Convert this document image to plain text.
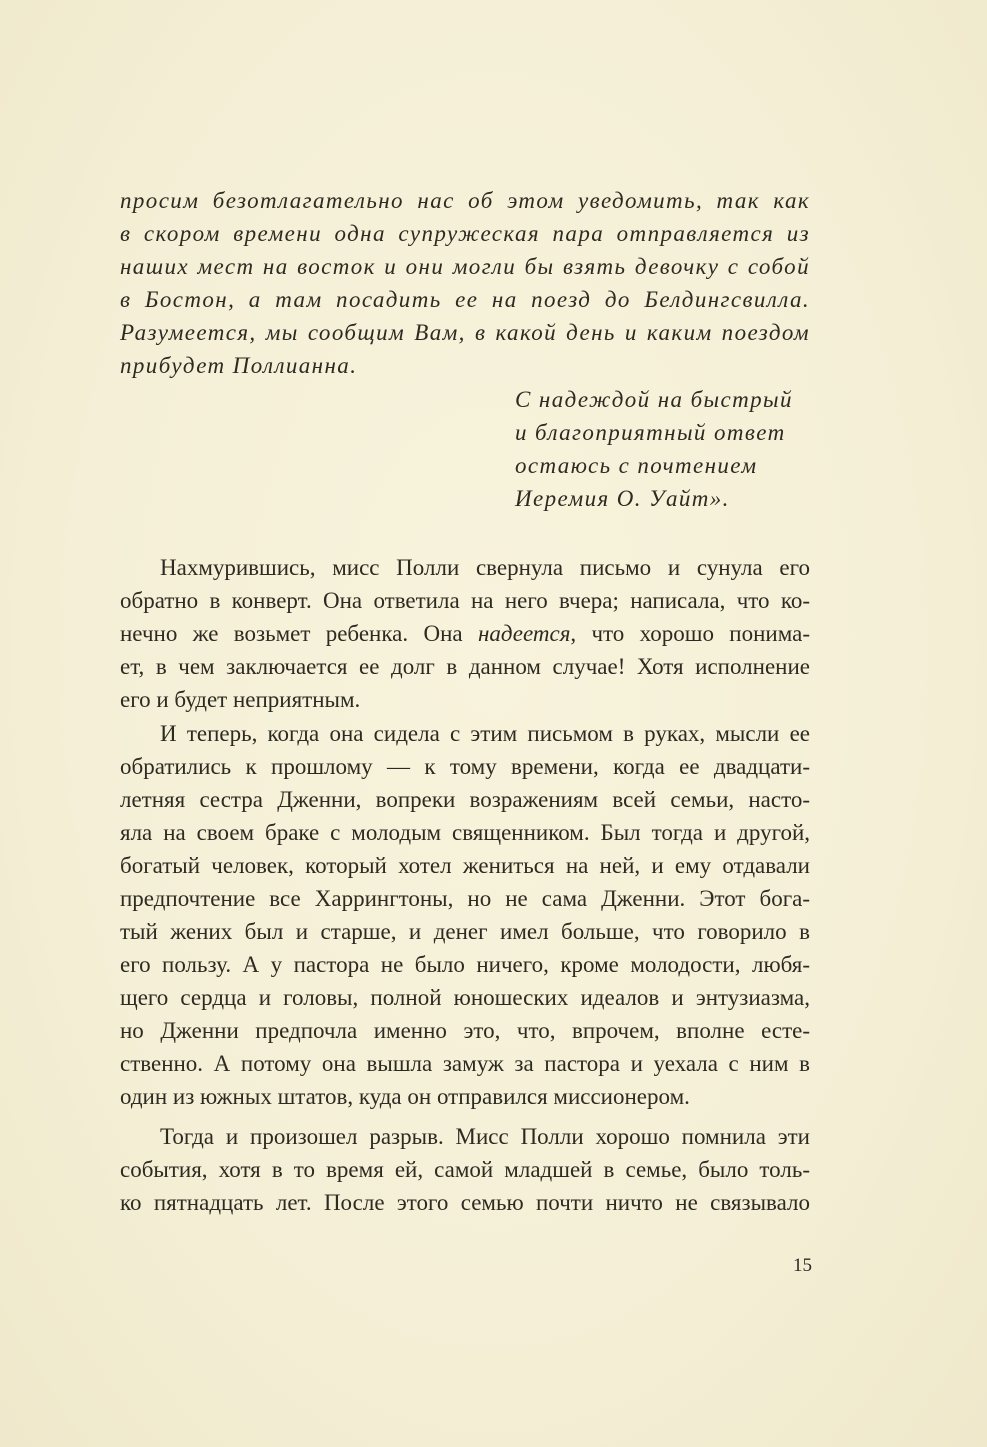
просим безотлагательно нас об этом уведомить, так как
в скором времени одна супружеская пара отправляется из
наших мест на восток и они могли бы взять девочку с собой
в Бостон, а там посадить ее на поезд до Белдингсвилла.
Разумеется, мы сообщим Вам, в какой день и каким поездом
прибудет Поллианна.
С надеждой на быстрый
и благоприятный ответ
остаюсь с почтением
Иеремия О. Уайт».
Нахмурившись, мисс Полли свернула письмо и сунула его
обратно в конверт. Она ответила на него вчера; написала, что ко-
нечно же возьмет ребенка. Она надеется, что хорошо понима-
ет, в чем заключается ее долг в данном случае! Хотя исполнение
его и будет неприятным.
И теперь, когда она сидела с этим письмом в руках, мысли ее
обратились к прошлому — к тому времени, когда ее двадцати-
летняя сестра Дженни, вопреки возражениям всей семьи, насто-
яла на своем браке с молодым священником. Был тогда и другой,
богатый человек, который хотел жениться на ней, и ему отдавали
предпочтение все Харрингтоны, но не сама Дженни. Этот бога-
тый жених был и старше, и денег имел больше, что говорило в
его пользу. А у пастора не было ничего, кроме молодости, любя-
щего сердца и головы, полной юношеских идеалов и энтузиазма,
но Дженни предпочла именно это, что, впрочем, вполне есте-
ственно. А потому она вышла замуж за пастора и уехала с ним в
один из южных штатов, куда он отправился миссионером.
Тогда и произошел разрыв. Мисс Полли хорошо помнила эти
события, хотя в то время ей, самой младшей в семье, было толь-
ко пятнадцать лет. После этого семью почти ничто не связывало
15
